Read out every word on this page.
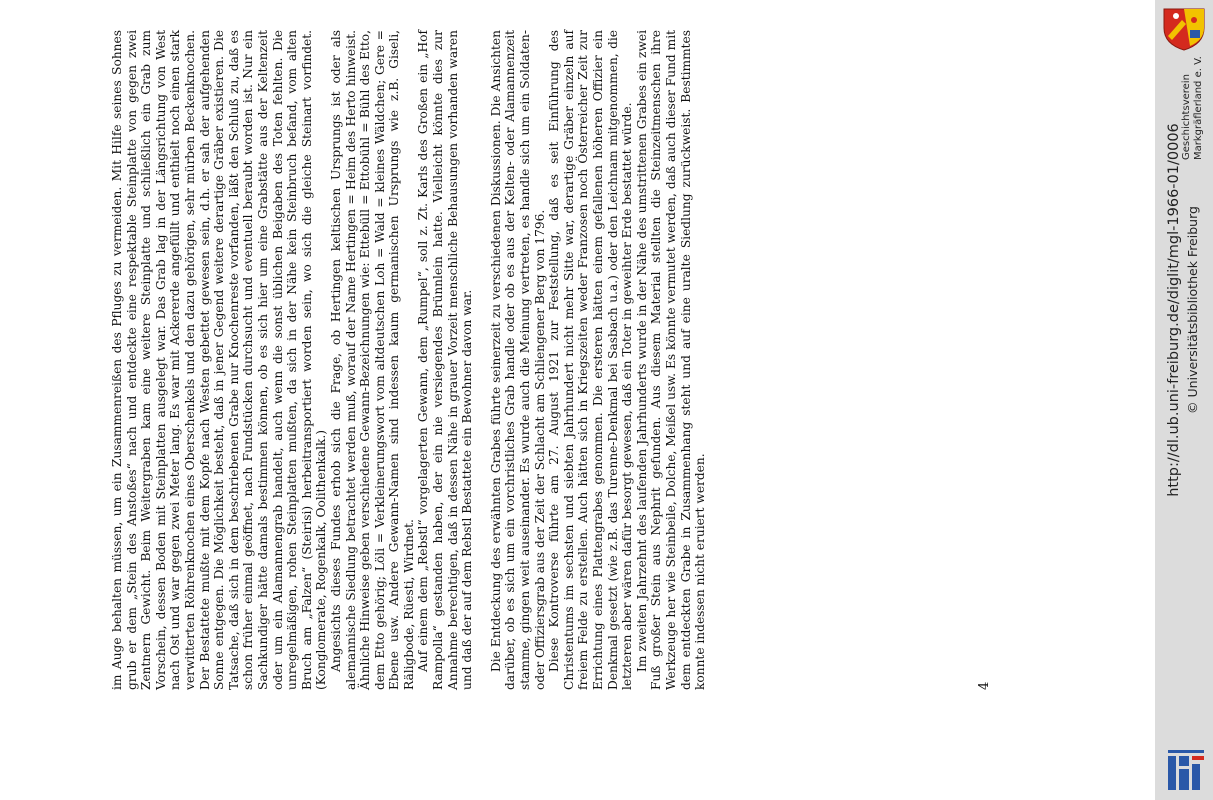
im Auge behalten müssen, um ein Zusammenreißen des Pfluges zu vermeiden. Mit Hilfe seines Sohnes grub er dem „Stein des Anstoßes“ nach und entdeckte eine respektable Steinplatte von gegen zwei Zentnern Gewicht. Beim Weitergraben kam eine weitere Steinplatte und schließlich ein Grab zum Vorschein, dessen Boden mit Steinplatten ausgelegt war. Das Grab lag in der Längsrichtung von West nach Ost und war gegen zwei Meter lang. Es war mit Ackererde angefüllt und enthielt noch einen stark verwitterten Röhrenknochen eines Oberschenkels und den dazu gehörigen, sehr mürben Beckenknochen. Der Bestattete mußte mit dem Kopfe nach Westen gebettet gewesen sein, d.h. er sah der aufgehenden Sonne entgegen. Die Möglichkeit besteht, daß in jener Gegend weitere derartige Gräber existieren. Die Tatsache, daß sich in dem beschriebenen Grabe nur Knochenreste vorfanden, läßt den Schluß zu, daß es schon früher einmal geöffnet, nach Fundstücken durchsucht und eventuell beraubt worden ist. Nur ein Sachkundiger hätte damals bestimmen können, ob es sich hier um eine Grabstätte aus der Keltenzeit oder um ein Alamannengrab handelt, auch wenn die sonst üblichen Beigaben des Toten fehlten. Die unregelmäßigen, rohen Steinplatten mußten, da sich in der Nähe kein Steinbruch befand, vom alten Bruch am „Falzen“ (Steirisi) herbeitransportiert worden sein, wo sich die gleiche Steinart vorfindet. (Konglomerate, Rogenkalk, Oolithenkalk.) Angesichts dieses Fundes erhob sich die Frage, ob Hertingen keltischen Ursprungs ist oder als alemannische Siedlung betrachtet werden muß, worauf der Name Hertingen = Heim des Herto hinweist. Ähnliche Hinweise geben verschiedene Gewann-Bezeichnungen wie: Ettebüll = Ettobühl = Bühl des Etto, dem Etto gehörig; Löli = Verkleinerungswort vom altdeutschen Loh = Wald = kleines Wäldchen; Gere = Ebene usw. Andere Gewann-Namen sind indessen kaum germanischen Ursprungs wie z.B. Giseli, Räligbode, Rüesti, Wirdnet. Auf einem dem „Rebstl“ vorgelagerten Gewann, dem „Rumpel“, soll z. Zt. Karls des Großen ein „Hof Rampolla“ gestanden haben, der ein nie versiegendes Brünnlein hatte. Vielleicht könnte dies zur Annahme berechtigen, daß in dessen Nähe in grauer Vorzeit menschliche Behausungen vorhanden waren und daß der auf dem Rebstl Bestattete ein Bewohner davon war. Die Entdeckung des erwähnten Grabes führte seinerzeit zu verschiedenen Diskussionen. Die Ansichten darüber, ob es sich um ein vorchristliches Grab handle oder ob es aus der Kelten- oder Alamannenzeit stamme, gingen weit auseinander. Es wurde auch die Meinung vertreten, es handle sich um ein Soldaten- oder Offiziersgrab aus der Zeit der Schlacht am Schliengener Berg von 1796. Diese Kontroverse führte am 27. August 1921 zur Feststellung, daß es seit Einführung des Christentums im sechsten und siebten Jahrhundert nicht mehr Sitte war, derartige Gräber einzeln auf freiem Felde zu erstellen. Auch hätten sich in Kriegszeiten weder Franzosen noch Österreicher Zeit zur Errichtung eines Plattengrabes genommen. Die ersteren hätten einem gefallenen höheren Offizier ein Denkmal gesetzt (wie z.B. das Turenne-Denkmal bei Sasbach u.a.) oder den Leichnam mitgenommen, die letzteren aber wären dafür besorgt gewesen, daß ein Toter in geweihter Erde bestattet würde. Im zweiten Jahrzehnt des laufenden Jahrhunderts wurde in der Nähe des umstrittenen Grabes ein zwei Fuß großer Stein aus Nephrit gefunden. Aus diesem Material stellten die Steinzeitmenschen ihre Werkzeuge her wie Steinbeile, Dolche, Meißel usw. Es könnte vermutet werden, daß auch dieser Fund mit dem entdeckten Grabe in Zusammenhang steht und auf eine uralte Siedlung zurückweist. Bestimmtes konnte indessen nicht eruiert werden.	4
Geschichtsverein Markgräflerland e. V.
http://dl.ub.uni-freiburg.de/diglit/mgl-1966-01/0006 © Universitätsbibliothek Freiburg
